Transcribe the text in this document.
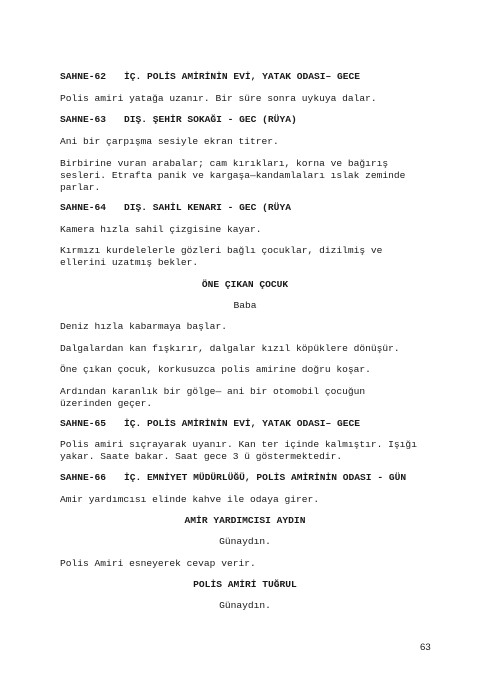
SAHNE-62 İÇ. POLİS AMİRİNİN EVİ, YATAK ODASI– GECE
Polis amiri yatağa uzanır. Bir süre sonra uykuya dalar.
SAHNE-63 DIŞ. ŞEHİR SOKAĞI - GEC (RÜYA)
Ani bir çarpışma sesiyle ekran titrer.
Birbirine vuran arabalar; cam kırıkları, korna ve bağırış
sesleri. Etrafta panik ve kargaşa—kandamlaları ıslak zeminde
parlar.
SAHNE-64 DIŞ. SAHİL KENARI - GEC (RÜYA
Kamera hızla sahil çizgisine kayar.
Kırmızı kurdelelerle gözleri bağlı çocuklar, dizilmiş ve
ellerini uzatmış bekler.
ÖNE ÇIKAN ÇOCUK
Baba
Deniz hızla kabarmaya başlar.
Dalgalardan kan fışkırır, dalgalar kızıl köpüklere dönüşür.
Öne çıkan çocuk, korkusuzca polis amirine doğru koşar.
Ardından karanlık bir gölge— ani bir otomobil çocuğun
üzerinden geçer.
SAHNE-65 İÇ. POLİS AMİRİNİN EVİ, YATAK ODASI– GECE
Polis amiri sıçrayarak uyanır. Kan ter içinde kalmıştır. Işığı
yakar. Saate bakar. Saat gece 3 ü göstermektedir.
SAHNE-66 İÇ. EMNİYET MÜDÜRLÜĞÜ, POLİS AMİRİNİN ODASI - GÜN
Amir yardımcısı elinde kahve ile odaya girer.
AMİR YARDIMCISI AYDIN
Günaydın.
Polis Amiri esneyerek cevap verir.
POLİS AMİRİ TUĞRUL
Günaydın.
63
